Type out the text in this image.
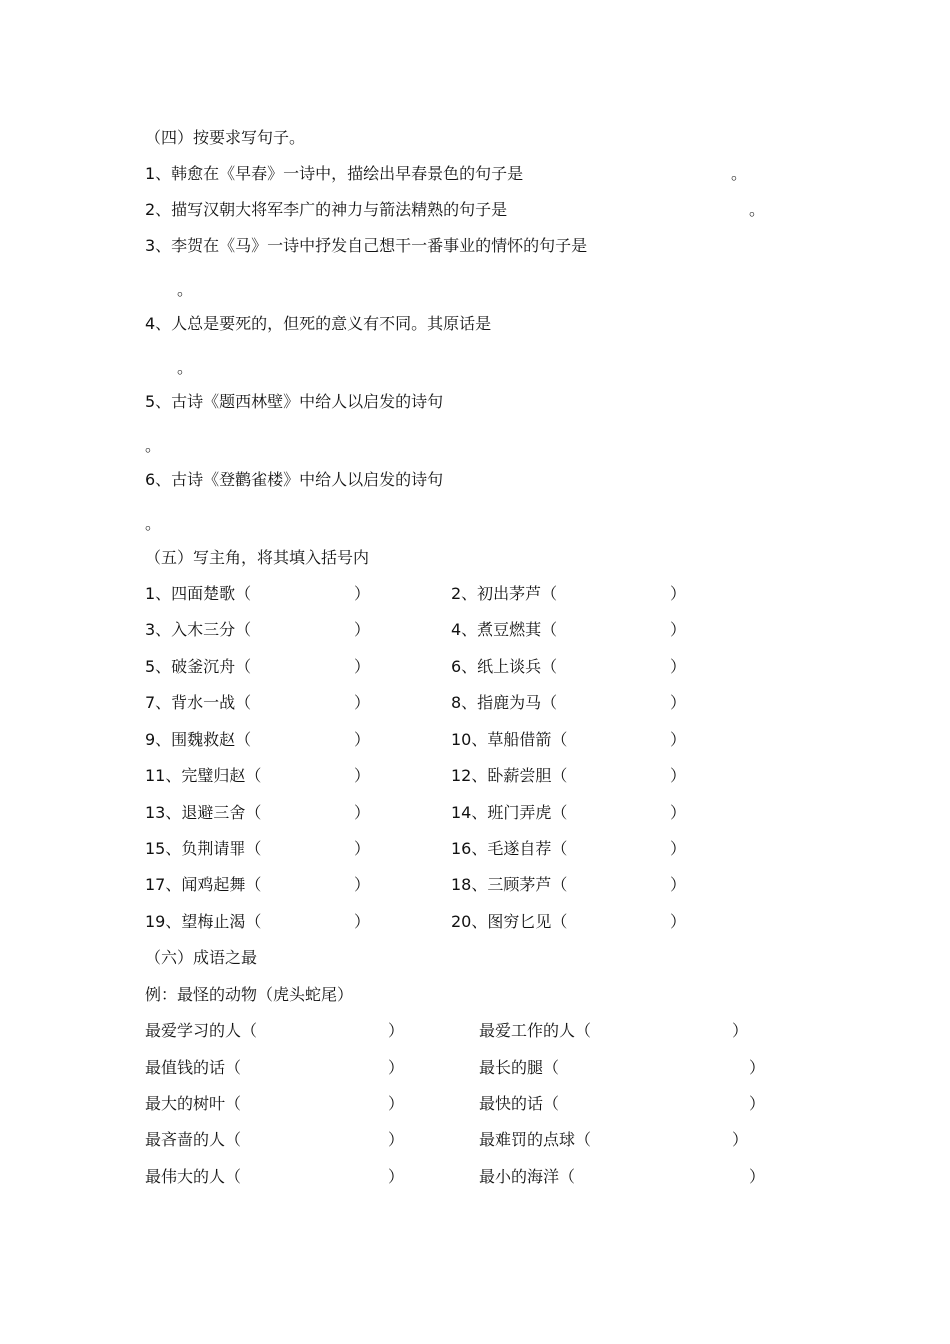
（四）按要求写句子。
1、韩愈在《早春》一诗中，描绘出早春景色的句子是	。
2、描写汉朝大将军李广的神力与箭法精熟的句子是	。
3、李贺在《马》一诗中抒发自己想干一番事业的情怀的句子是
。
4、人总是要死的，但死的意义有不同。其原话是
。
5、古诗《题西林壁》中给人以启发的诗句
。
6、古诗《登鹳雀楼》中给人以启发的诗句
。
（五）写主角，将其填入括号内
1、四面楚歌（	）	2、初出茅芦（	）
3、入木三分（	）	4、煮豆燃萁（	）
5、破釜沉舟（	）	6、纸上谈兵（	）
7、背水一战（	）	8、指鹿为马（	）
9、围魏救赵（	）	10、草船借箭（	）
11、完璧归赵（	）	12、卧薪尝胆（	）
13、退避三舍（	）	14、班门弄虎（	）
15、负荆请罪（	）	16、毛遂自荐（	）
17、闻鸡起舞（	）	18、三顾茅芦（	）
19、望梅止渴（	）	20、图穷匕见（	）
（六）成语之最
例：最怪的动物（虎头蛇尾）
最爱学习的人（	）	最爱工作的人（	）
最值钱的话（	）	最长的腿（	）
最大的树叶（	）	最快的话（	）
最吝啬的人（	）	最难罚的点球（	）
最伟大的人（	）	最小的海洋（	）
